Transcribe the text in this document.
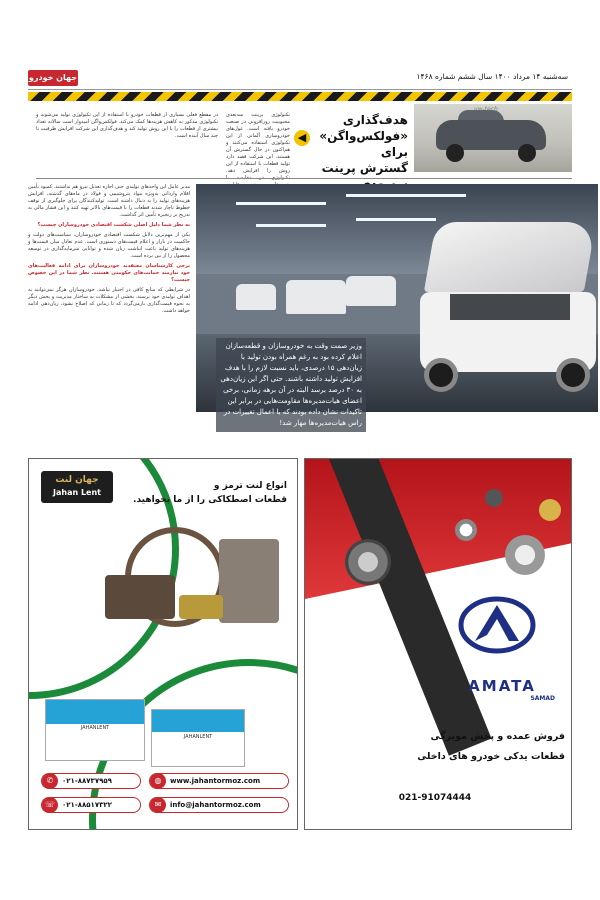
جهان خودرو	سه‌شنبه ۱۴ مرداد ۱۴۰۰ سال ششم شماره ۱۴۶۸
vw-tech
هدف‌گذاری
«فولکس‌واگن» برای
گسترش پرینت
◀
در مقطع فعلی بسیاری از قطعات خودرو با استفاده از این تکنولوژی تولید می‌شوند و تکنولوژی مذکور به کاهش هزینه‌ها کمک می‌کند. فولکس‌واگن امیدوار است سالانه تعداد بیشتری از قطعات را با این روش تولید کند و هدف‌گذاری این شرکت افزایش ظرفیت تا چند سال آینده است.
تکنولوژی پرینت سه‌بعدی محبوبیت روزافزونی در صنعت خودرو یافته است. غول‌های خودروسازی آلمانی از این تکنولوژی استفاده می‌کنند و هم‌اکنون در حال گسترش آن هستند. این شرکت قصد دارد تولید قطعات با استفاده از این روش را افزایش دهد.
وزیر صمت وقت به خودروسازان و قطعه‌سازان اعلام کرده بود به رغم همراه بودن تولید با زیان‌دهی ۱۵ درصدی، باید نسبت لازم را با هدف افزایش تولید داشته باشند. حتی اگر این زیان‌دهی به ۳۰ درصد برسد البته در آن برهه زمانی، برخی اعضای هیات‌مدیره‌ها مقاومت‌هایی در برابر این تاکیدات نشان داده بودند که با اعمال تغییرات در راس هیات‌مدیره‌ها مهار شد!

مدیر عامل این واحدهای تولیدی حتی اجازه تعدیل نیرو هم نداشتند. کمبود تأمین اقلام وارداتی به‌ویژه مواد پتروشیمی و فولاد در ماه‌های گذشته، افزایش هزینه‌های تولید را به دنبال داشته است. تولیدکنندگان برای جلوگیری از توقف خطوط ناچار شدند قطعات را با قیمت‌های بالاتر تهیه کنند و این فشار مالی به تدریج بر زنجیره تأمین اثر گذاشت.

به نظر شما دلیل اصلی شکست اقتصادی خودروسازان چیست؟

یکی از مهم‌ترین دلایل شکست اقتصادی خودروسازان، سیاست‌های دولت و حاکمیت در بازار و اعلام قیمت‌های دستوری است. عدم تعادل میان قیمت‌ها و هزینه‌های تولید باعث انباشت زیان شده و توانایی سرمایه‌گذاری در توسعه محصول را از بین برده است.

برخی کارشناسان معتقدند خودروسازان برای ادامه فعالیت‌های خود نیازمند حمایت‌های حکومتی هستند. نظر شما در این خصوص چیست؟

در شرایطی که منابع کافی در اختیار نباشد، خودروسازان هرگز نمی‌توانند به اهداف تولیدی خود برسند. بخشی از مشکلات به ساختار مدیریت و بخش دیگر به نحوه قیمت‌گذاری بازمی‌گردد که تا زمانی که اصلاح نشود، زیان‌دهی ادامه خواهد داشت.

جهان لنت
Jahan Lent
انواع لنت ترمز و
قطعات اصطکاکی را از ما بخواهید.
JAHANLENT
JAHANLENT
✆	۰۲۱-۸۸۷۳۷۹۵۹	◍	www.jahantormoz.com
☏	۰۲۱-۸۸۵۱۷۳۲۲	✉	info@jahantormoz.com
AMATA
SAMAD
فروش عمده و پخش مویرگی
قطعات یدکی خودرو های داخلی
021-91074444
